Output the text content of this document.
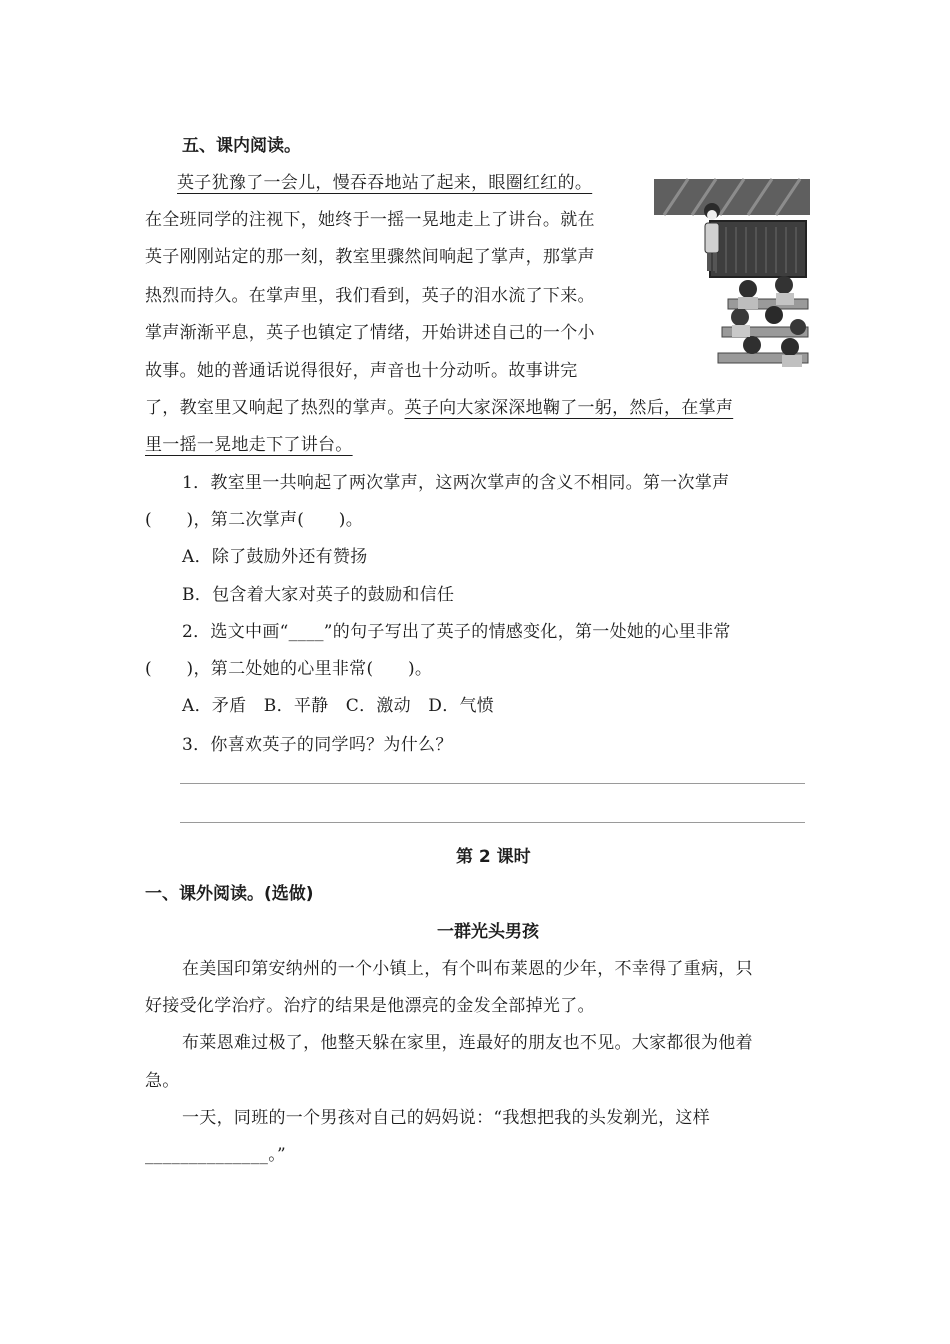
五、课内阅读。
英子犹豫了一会儿，慢吞吞地站了起来，眼圈红红的。
在全班同学的注视下，她终于一摇一晃地走上了讲台。就在
英子刚刚站定的那一刻，教室里骤然间响起了掌声，那掌声
热烈而持久。在掌声里，我们看到，英子的泪水流了下来。
掌声渐渐平息，英子也镇定了情绪，开始讲述自己的一个小
故事。她的普通话说得很好，声音也十分动听。故事讲完
了，教室里又响起了热烈的掌声。英子向大家深深地鞠了一躬，然后，在掌声
里一摇一晃地走下了讲台。
1．教室里一共响起了两次掌声，这两次掌声的含义不相同。第一次掌声
(　　)，第二次掌声(　　)。
A．除了鼓励外还有赞扬
B．包含着大家对英子的鼓励和信任
2．选文中画“____”的句子写出了英子的情感变化，第一处她的心里非常
(　　)，第二处她的心里非常(　　)。
A．矛盾　B．平静　C．激动　D．气愤
3．你喜欢英子的同学吗？为什么？
第 2 课时
一、课外阅读。(选做)
一群光头男孩
在美国印第安纳州的一个小镇上，有个叫布莱恩的少年，不幸得了重病，只
好接受化学治疗。治疗的结果是他漂亮的金发全部掉光了。
布莱恩难过极了，他整天躲在家里，连最好的朋友也不见。大家都很为他着
急。
一天，同班的一个男孩对自己的妈妈说：“我想把我的头发剃光，这样
______________。”
